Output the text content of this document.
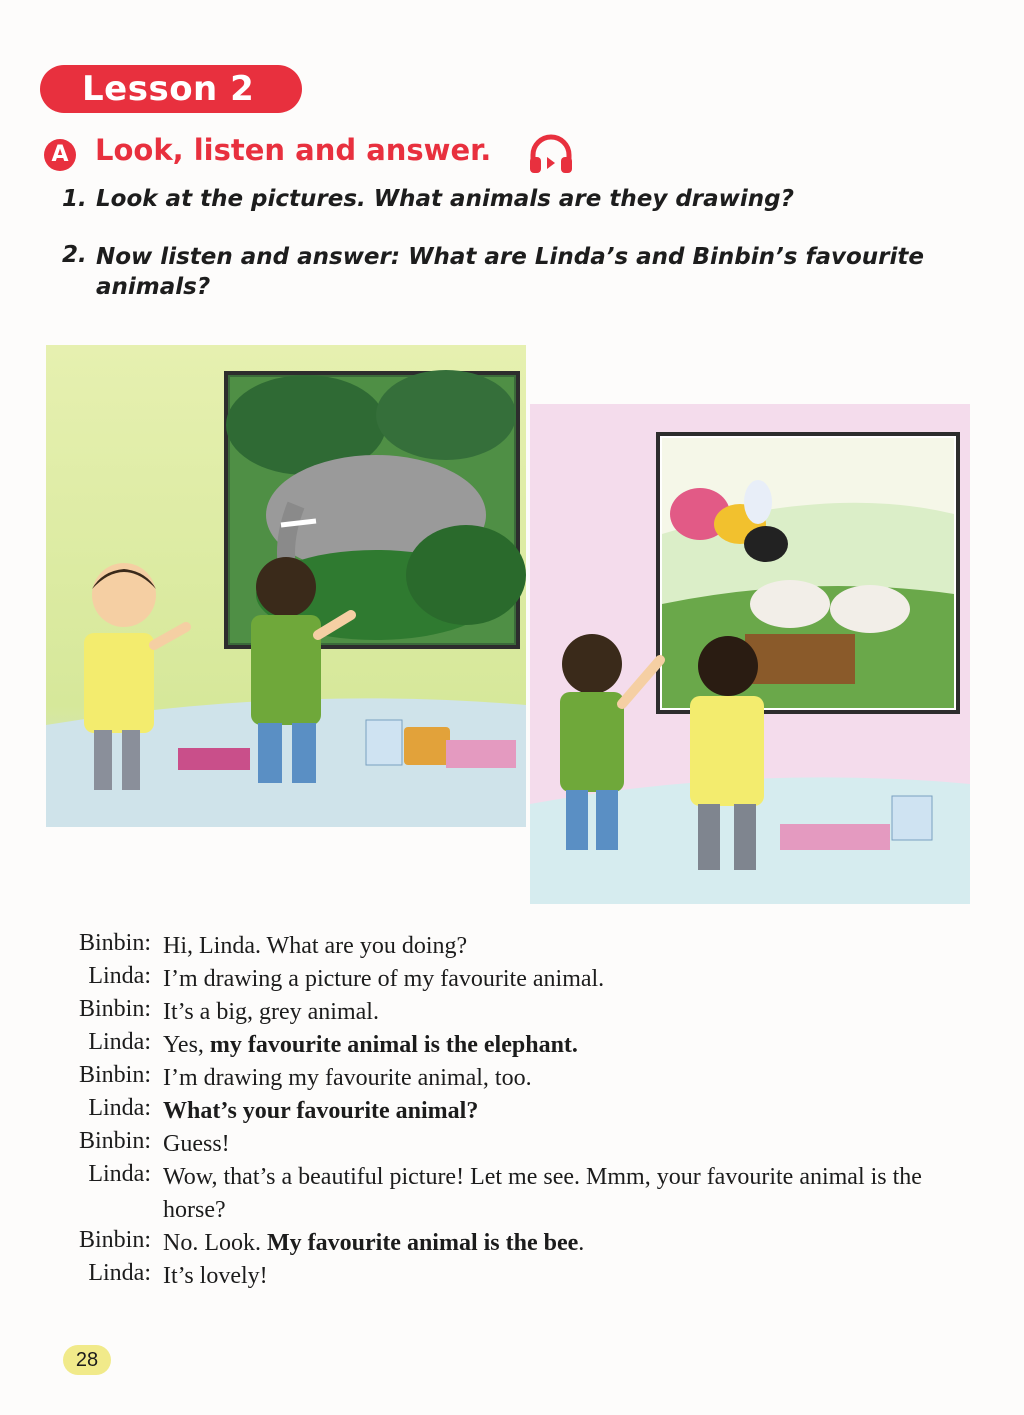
Lesson 2
A Look, listen and answer.
1. Look at the pictures. What animals are they drawing?
2. Now listen and answer: What are Linda’s and Binbin’s favourite animals?
Binbin: Hi, Linda. What are you doing?
Linda: I’m drawing a picture of my favourite animal.
Binbin: It’s a big, grey animal.
Linda: Yes, my favourite animal is the elephant.
Binbin: I’m drawing my favourite animal, too.
Linda: What’s your favourite animal?
Binbin: Guess!
Linda: Wow, that’s a beautiful picture! Let me see. Mmm, your favourite animal is the horse?
Binbin: No. Look. My favourite animal is the bee.
Linda: It’s lovely!
28
